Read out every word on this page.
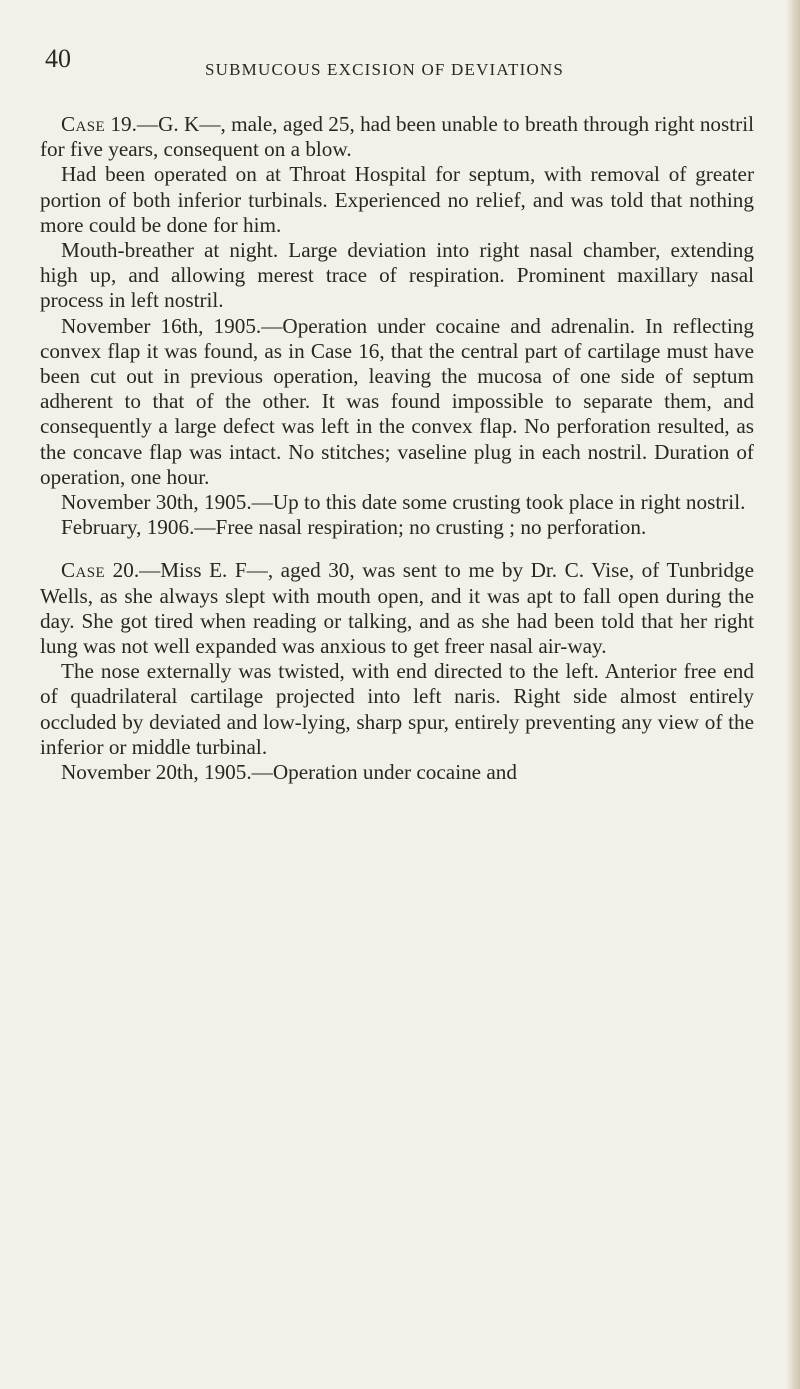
40	SUBMUCOUS EXCISION OF DEVIATIONS

Case 19.—G. K—, male, aged 25, had been unable to breath through right nostril for five years, consequent on a blow.

Had been operated on at Throat Hospital for septum, with removal of greater portion of both inferior turbinals. Experienced no relief, and was told that nothing more could be done for him.

Mouth-breather at night. Large deviation into right nasal chamber, extending high up, and allowing merest trace of respiration. Prominent maxillary nasal process in left nostril.

November 16th, 1905.—Operation under cocaine and adrenalin. In reflecting convex flap it was found, as in Case 16, that the central part of cartilage must have been cut out in previous operation, leaving the mucosa of one side of septum adherent to that of the other. It was found impossible to separate them, and consequently a large defect was left in the convex flap. No perforation resulted, as the concave flap was intact. No stitches; vaseline plug in each nostril. Duration of operation, one hour.

November 30th, 1905.—Up to this date some crusting took place in right nostril.

February, 1906.—Free nasal respiration; no crusting ; no perforation.

Case 20.—Miss E. F—, aged 30, was sent to me by Dr. C. Vise, of Tunbridge Wells, as she always slept with mouth open, and it was apt to fall open during the day. She got tired when reading or talking, and as she had been told that her right lung was not well expanded was anxious to get freer nasal air-way.

The nose externally was twisted, with end directed to the left. Anterior free end of quadrilateral cartilage projected into left naris. Right side almost entirely occluded by deviated and low-lying, sharp spur, entirely preventing any view of the inferior or middle turbinal.

November 20th, 1905.—Operation under cocaine and
